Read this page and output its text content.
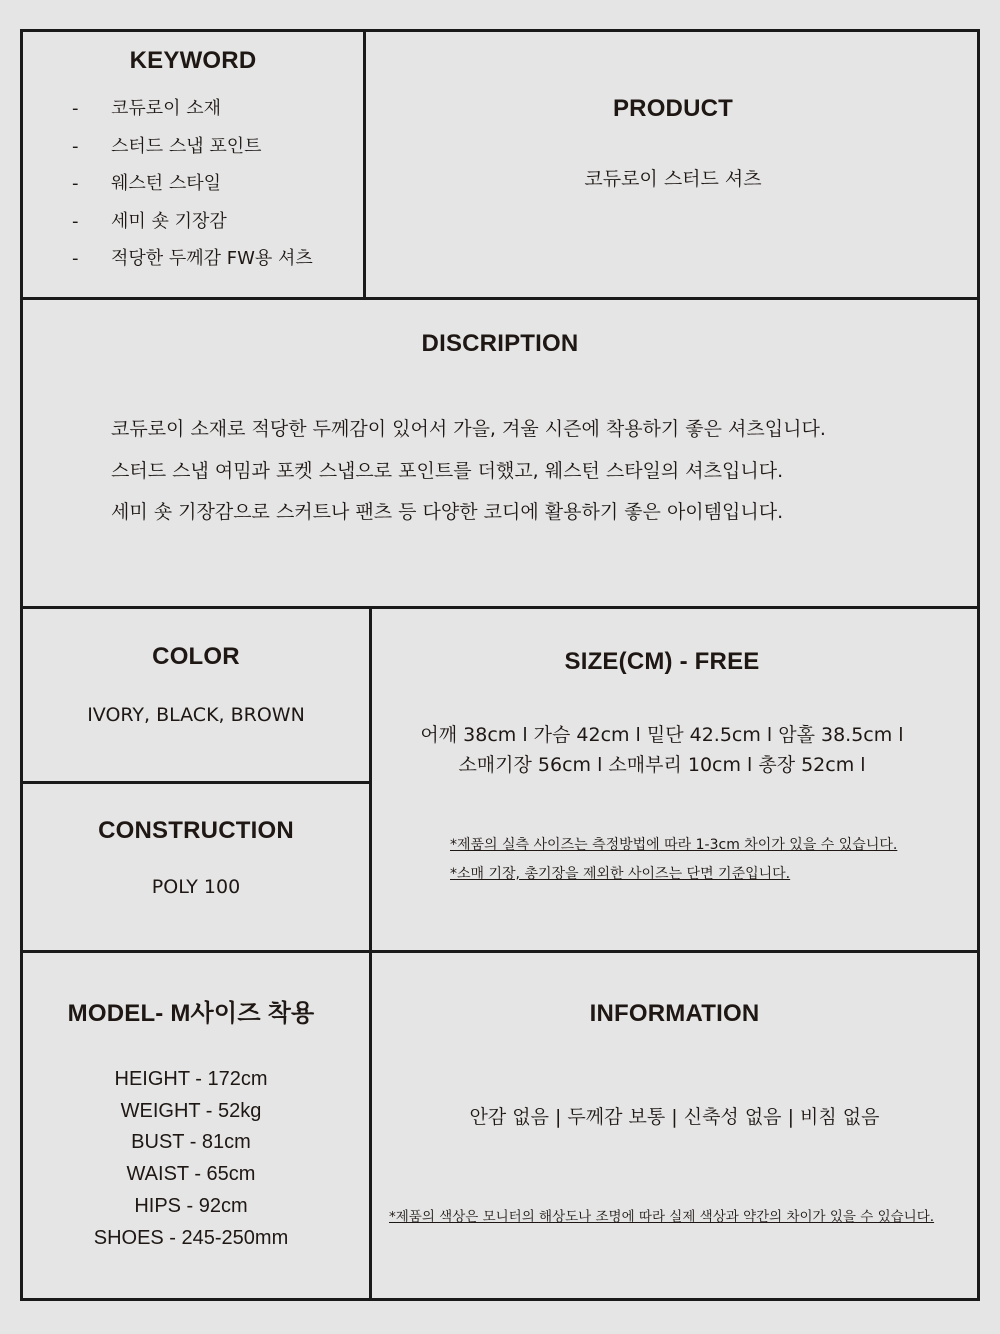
KEYWORD
- 코듀로이 소재
- 스터드 스냅 포인트
- 웨스턴 스타일
- 세미 숏 기장감
- 적당한 두께감 FW용 셔츠
PRODUCT
코듀로이 스터드 셔츠
DISCRIPTION

코듀로이 소재로 적당한 두께감이 있어서 가을, 겨울 시즌에 착용하기 좋은 셔츠입니다.

스터드 스냅 여밈과 포켓 스냅으로 포인트를 더했고, 웨스턴 스타일의 셔츠입니다.

세미 숏 기장감으로 스커트나 팬츠 등 다양한 코디에 활용하기 좋은 아이템입니다.

COLOR
IVORY, BLACK, BROWN
CONSTRUCTION
POLY 100
SIZE(CM) - FREE
어깨 38cm l 가슴 42cm l 밑단 42.5cm l 암홀 38.5cm l
소매기장 56cm l 소매부리 10cm l 총장 52cm l
*제품의 실측 사이즈는 측정방법에 따라 1-3cm 차이가 있을 수 있습니다.
*소매 기장, 총기장을 제외한 사이즈는 단면 기준입니다.
MODEL- M사이즈 착용
HEIGHT - 172cm
WEIGHT - 52kg
BUST - 81cm
WAIST - 65cm
HIPS - 92cm
SHOES - 245-250mm
INFORMATION
안감 없음 | 두께감 보통 | 신축성 없음 | 비침 없음
*제품의 색상은 모니터의 해상도나 조명에 따라 실제 색상과 약간의 차이가 있을 수 있습니다.
